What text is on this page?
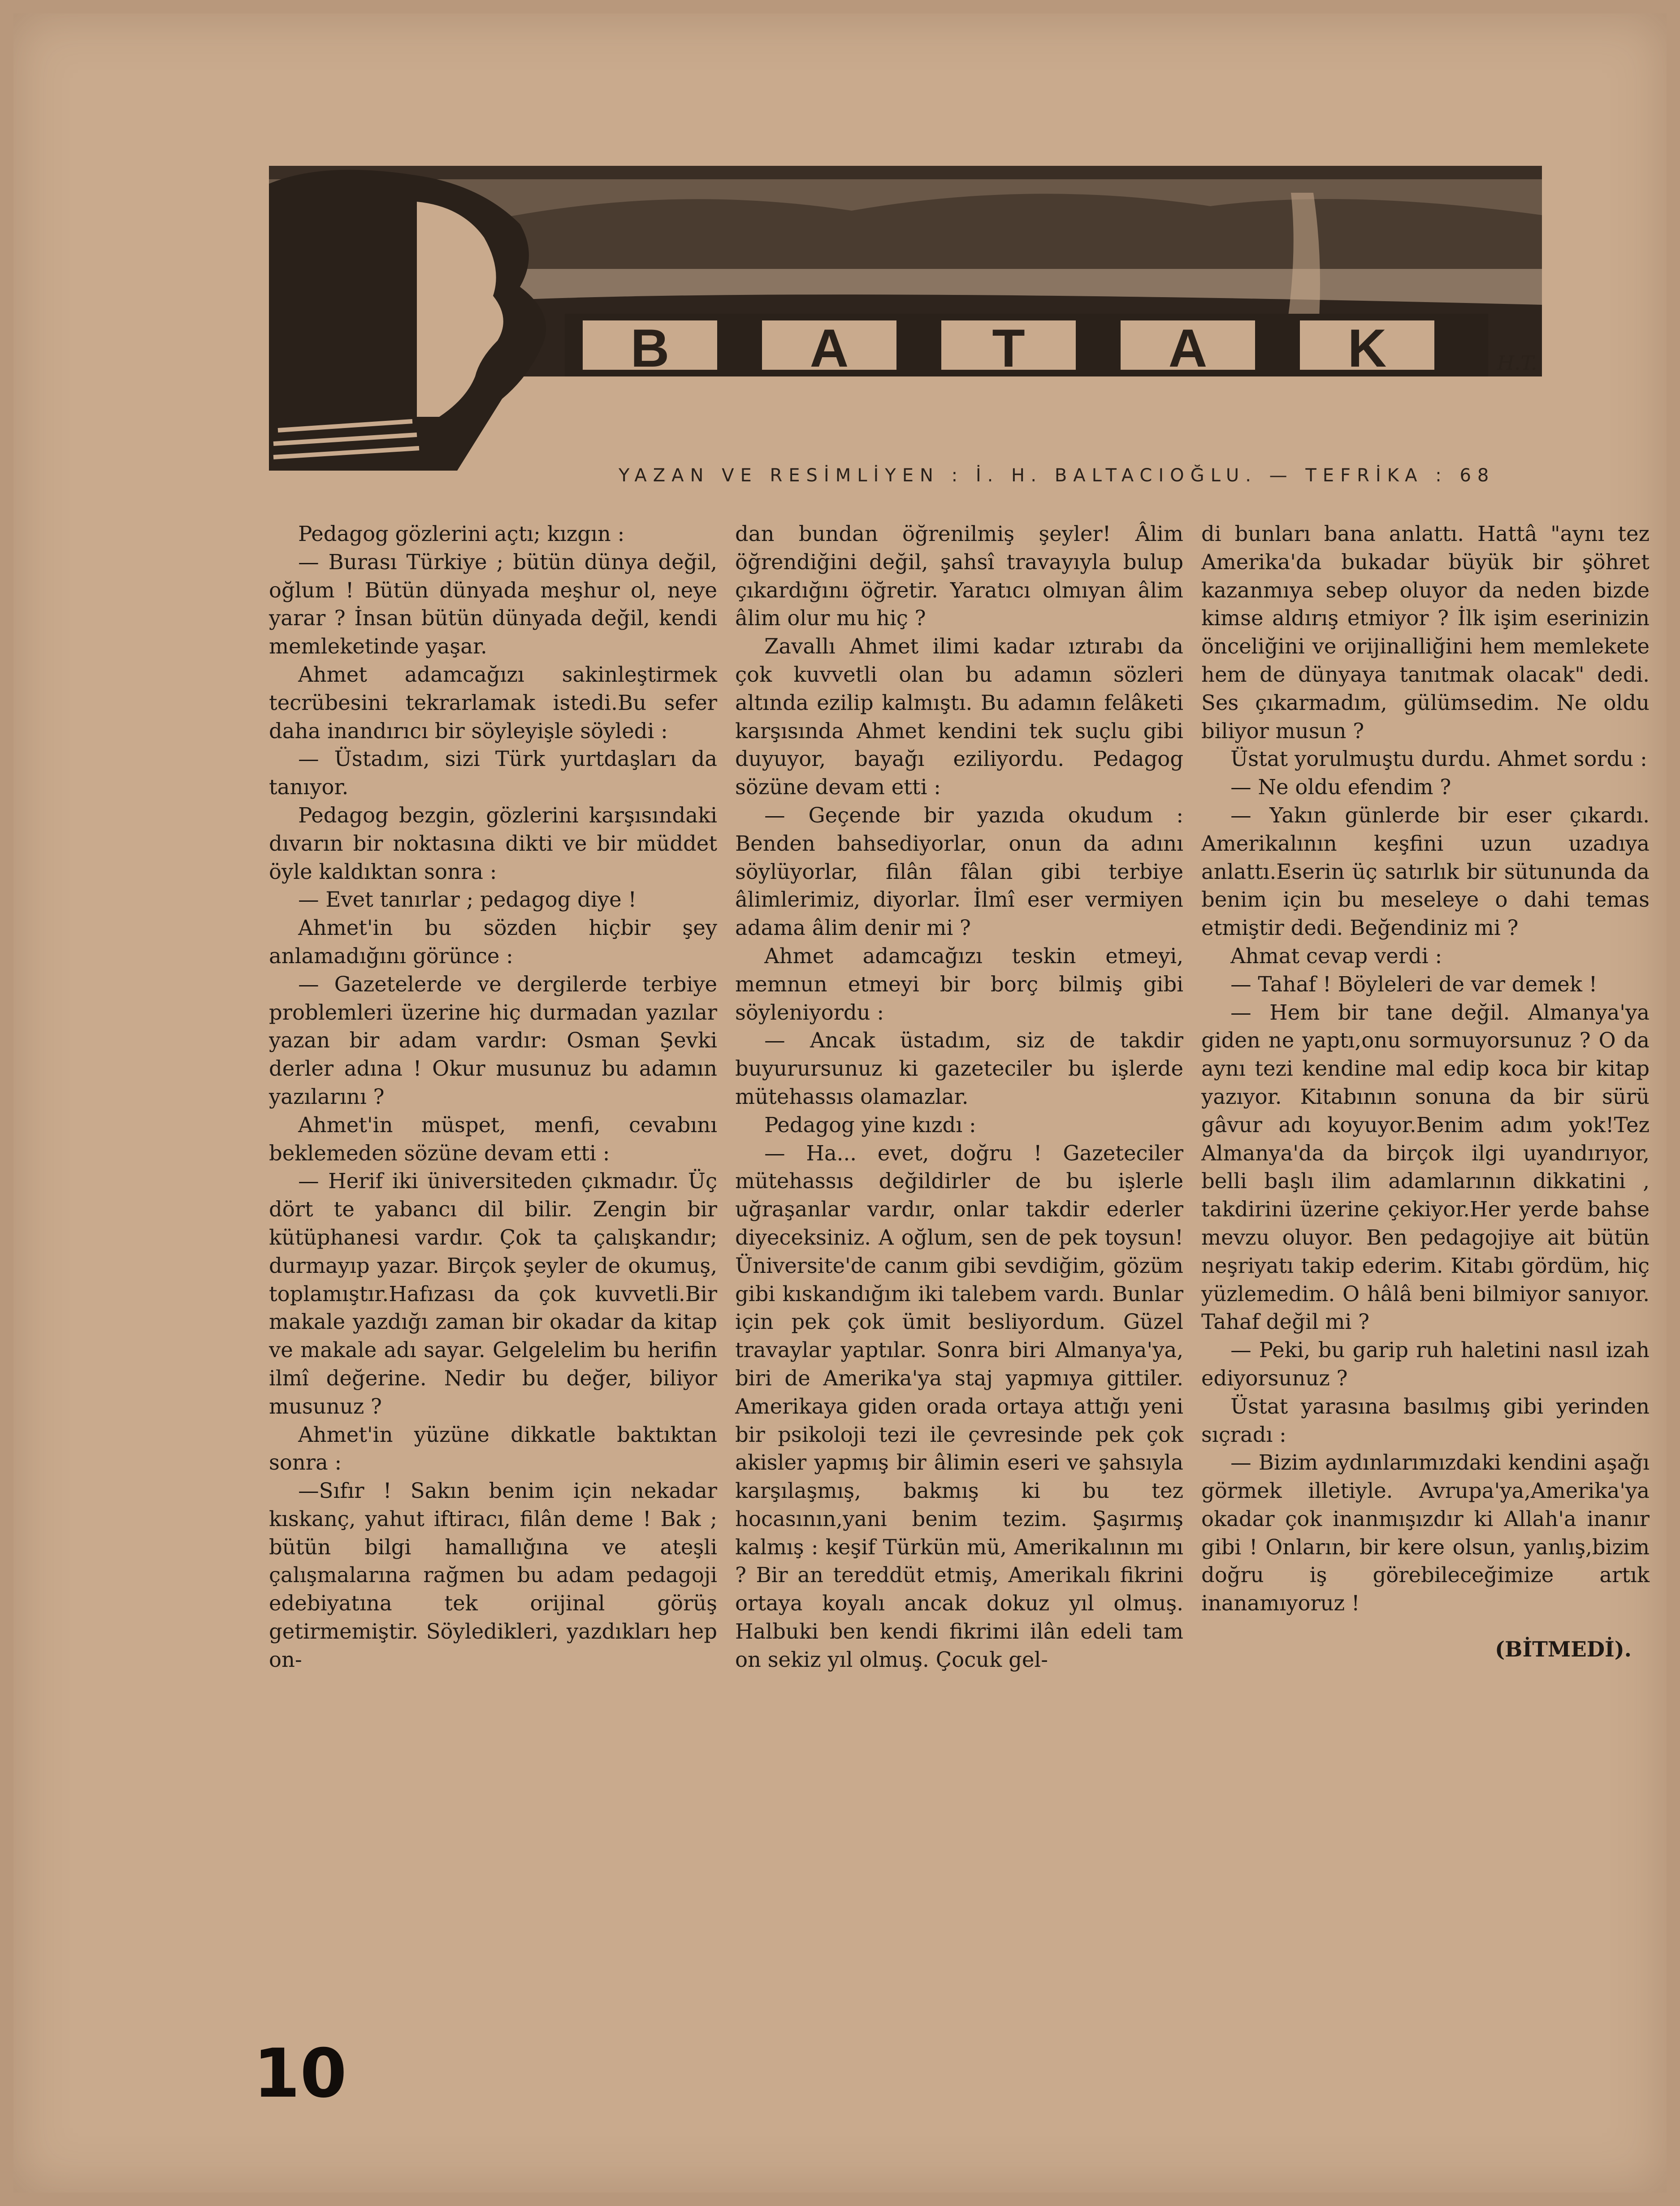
B	A	T	A	K	H.T.
YAZAN VE RESİMLİYEN : İ. H. BALTACIOĞLU. — TEFRİKA : 68

Pedagog gözlerini açtı; kızgın :

— Burası Türkiye ; bütün dünya değil, oğlum ! Bütün dünyada meşhur ol, neye yarar ? İnsan bütün dünyada değil, kendi memleketinde yaşar.

Ahmet adamcağızı sakinleştirmek tecrübesini tekrarlamak istedi.Bu sefer daha inandırıcı bir söyleyişle söyledi :

— Üstadım, sizi Türk yurtdaşları da tanıyor.

Pedagog bezgin, gözlerini karşısındaki dıvarın bir noktasına dikti ve bir müddet öyle kaldıktan sonra :

— Evet tanırlar ; pedagog diye !

Ahmet'in bu sözden hiçbir şey anlamadığını görünce :

— Gazetelerde ve dergilerde terbiye problemleri üzerine hiç durmadan yazılar yazan bir adam vardır: Osman Şevki derler adına ! Okur musunuz bu adamın yazılarını ?

Ahmet'in müspet, menfi, cevabını beklemeden sözüne devam etti :

— Herif iki üniversiteden çıkmadır. Üç dört te yabancı dil bilir. Zengin bir kütüphanesi vardır. Çok ta çalışkandır; durmayıp yazar. Birçok şeyler de okumuş, toplamıştır.Hafızası da çok kuvvetli.Bir makale yazdığı zaman bir okadar da kitap ve makale adı sayar. Gelgelelim bu herifin ilmî değerine. Nedir bu değer, biliyor musunuz ?

Ahmet'in yüzüne dikkatle baktıktan sonra :

—Sıfır ! Sakın benim için nekadar kıskanç, yahut iftiracı, filân deme ! Bak ; bütün bilgi hamallığına ve ateşli çalışmalarına rağmen bu adam pedagoji edebiyatına tek orijinal görüş getirmemiştir. Söyledikleri, yazdıkları hep on-

dan bundan öğrenilmiş şeyler! Âlim öğrendiğini değil, şahsî travayıyla bulup çıkardığını öğretir. Yaratıcı olmıyan âlim âlim olur mu hiç ?

Zavallı Ahmet ilimi kadar ıztırabı da çok kuvvetli olan bu adamın sözleri altında ezilip kalmıştı. Bu adamın felâketi karşısında Ahmet kendini tek suçlu gibi duyuyor, bayağı eziliyordu. Pedagog sözüne devam etti :

— Geçende bir yazıda okudum : Benden bahsediyorlar, onun da adını söylüyorlar, filân fâlan gibi terbiye âlimlerimiz, diyorlar. İlmî eser vermiyen adama âlim denir mi ?

Ahmet adamcağızı teskin etmeyi, memnun etmeyi bir borç bilmiş gibi söyleniyordu :

— Ancak üstadım, siz de takdir buyurursunuz ki gazeteciler bu işlerde mütehassıs olamazlar.

Pedagog yine kızdı :

— Ha... evet, doğru ! Gazeteciler mütehassıs değildirler de bu işlerle uğraşanlar vardır, onlar takdir ederler diyeceksiniz. A oğlum, sen de pek toysun! Üniversite'de canım gibi sevdiğim, gözüm gibi kıskandığım iki talebem vardı. Bunlar için pek çok ümit besliyordum. Güzel travaylar yaptılar. Sonra biri Almanya'ya, biri de Amerika'ya staj yapmıya gittiler. Amerikaya giden orada ortaya attığı yeni bir psikoloji tezi ile çevresinde pek çok akisler yapmış bir âlimin eseri ve şahsıyla karşılaşmış, bakmış ki bu tez hocasının,yani benim tezim. Şaşırmış kalmış : keşif Türkün mü, Amerikalının mı ? Bir an tereddüt etmiş, Amerikalı fikrini ortaya koyalı ancak dokuz yıl olmuş. Halbuki ben kendi fikrimi ilân edeli tam on sekiz yıl olmuş. Çocuk gel-

di bunları bana anlattı. Hattâ "aynı tez Amerika'da bukadar büyük bir şöhret kazanmıya sebep oluyor da neden bizde kimse aldırış etmiyor ? İlk işim eserinizin önceliğini ve orijinalliğini hem memlekete hem de dünyaya tanıtmak olacak" dedi. Ses çıkarmadım, gülümsedim. Ne oldu biliyor musun ?

Üstat yorulmuştu durdu. Ahmet sordu :

— Ne oldu efendim ?

— Yakın günlerde bir eser çıkardı. Amerikalının keşfini uzun uzadıya anlattı.Eserin üç satırlık bir sütununda da benim için bu meseleye o dahi temas etmiştir dedi. Beğendiniz mi ?

Ahmat cevap verdi :

— Tahaf ! Böyleleri de var demek !

— Hem bir tane değil. Almanya'ya giden ne yaptı,onu sormuyorsunuz ? O da aynı tezi kendine mal edip koca bir kitap yazıyor. Kitabının sonuna da bir sürü gâvur adı koyuyor.Benim adım yok!Tez Almanya'da da birçok ilgi uyandırıyor, belli başlı ilim adamlarının dikkatini , takdirini üzerine çekiyor.Her yerde bahse mevzu oluyor. Ben pedagojiye ait bütün neşriyatı takip ederim. Kitabı gördüm, hiç yüzlemedim. O hâlâ beni bilmiyor sanıyor. Tahaf değil mi ?

— Peki, bu garip ruh haletini nasıl izah ediyorsunuz ?

Üstat yarasına basılmış gibi yerinden sıçradı :

— Bizim aydınlarımızdaki kendini aşağı görmek illetiyle. Avrupa'ya,Amerika'ya okadar çok inanmışızdır ki Allah'a inanır gibi ! Onların, bir kere olsun, yanlış,bizim doğru iş görebileceğimize artık inanamıyoruz !

(BİTMEDİ).

10
